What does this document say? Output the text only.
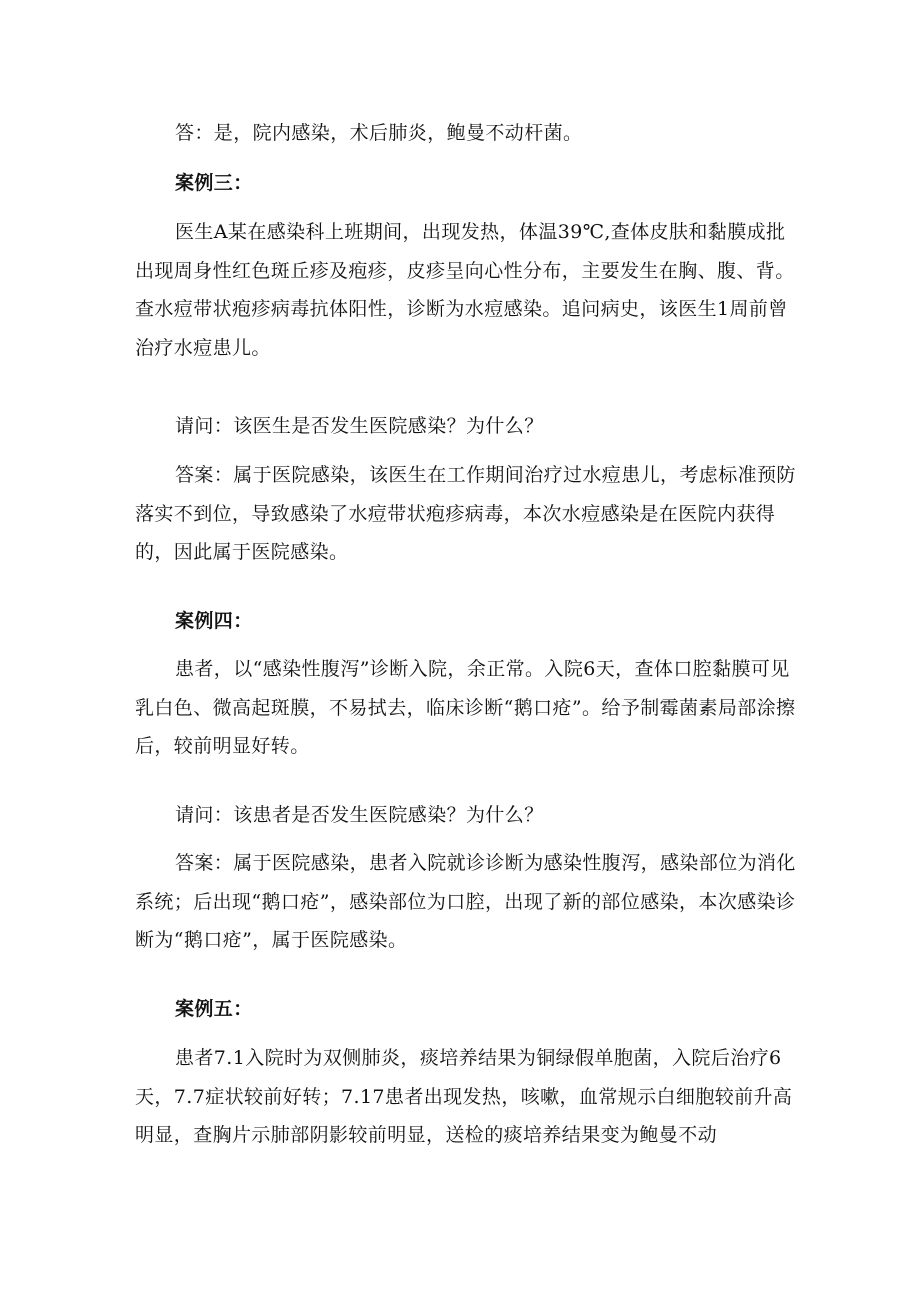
答：是，院内感染，术后肺炎，鲍曼不动杆菌。

案例三：

医生A某在感染科上班期间，出现发热，体温39℃,查体皮肤和黏膜成批出现周身性红色斑丘疹及疱疹，皮疹呈向心性分布，主要发生在胸、腹、背。查水痘带状疱疹病毒抗体阳性，诊断为水痘感染。追问病史，该医生1周前曾治疗水痘患儿。

请问：该医生是否发生医院感染？为什么？

答案：属于医院感染，该医生在工作期间治疗过水痘患儿，考虑标准预防落实不到位，导致感染了水痘带状疱疹病毒，本次水痘感染是在医院内获得的，因此属于医院感染。

案例四：

患者，以“感染性腹泻”诊断入院，余正常。入院6天，查体口腔黏膜可见乳白色、微高起斑膜，不易拭去，临床诊断“鹅口疮”。给予制霉菌素局部涂擦后，较前明显好转。

请问：该患者是否发生医院感染？为什么？

答案：属于医院感染，患者入院就诊诊断为感染性腹泻，感染部位为消化系统；后出现“鹅口疮”，感染部位为口腔，出现了新的部位感染，本次感染诊断为“鹅口疮”，属于医院感染。

案例五：

患者7.1入院时为双侧肺炎，痰培养结果为铜绿假单胞菌，入院后治疗6天，7.7症状较前好转；7.17患者出现发热，咳嗽，血常规示白细胞较前升高明显，查胸片示肺部阴影较前明显，送检的痰培养结果变为鲍曼不动
